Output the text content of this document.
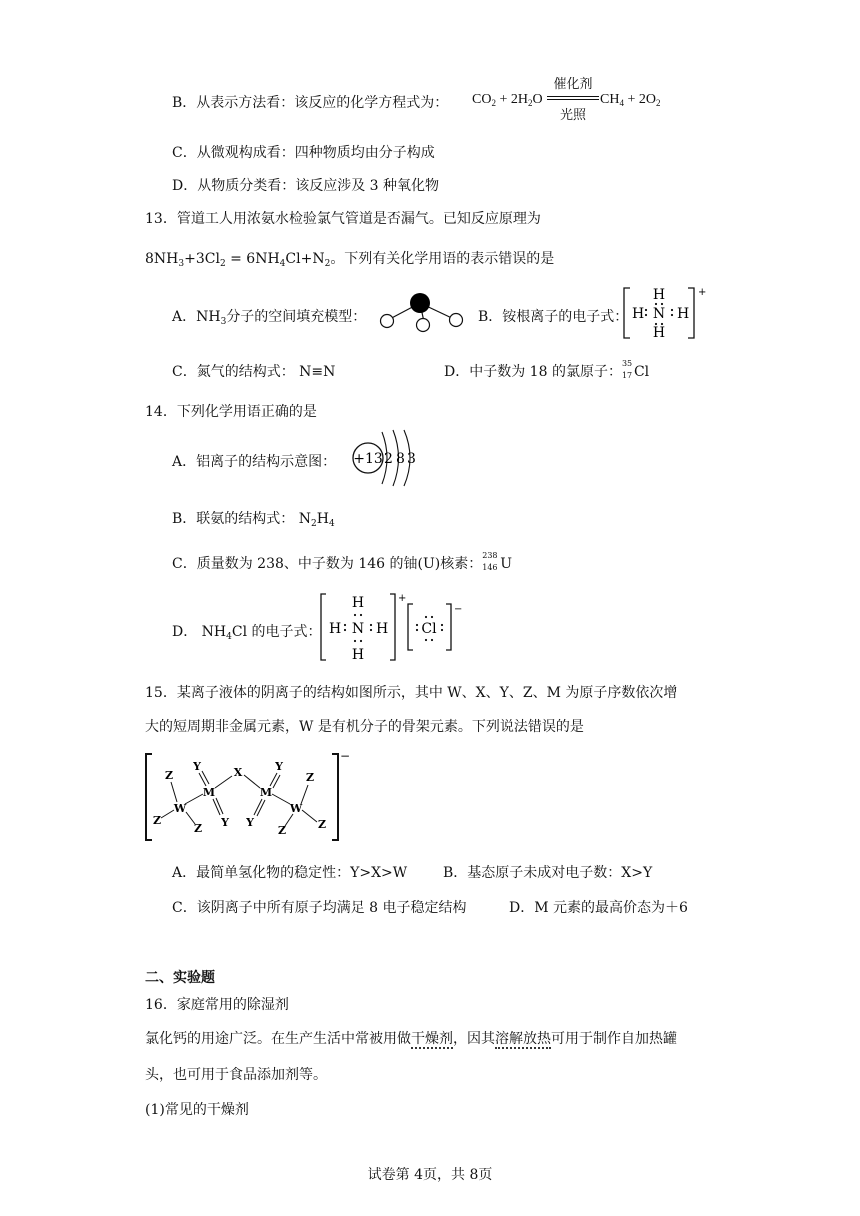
B．从表示方法看：该反应的化学方程式为： $CO_2 + 2H_2O$
催化剂
光照
$CH_4 + 2O_2$
C．从微观构成看：四种物质均由分子构成
D．从物质分类看：该反应涉及 3 种氧化物
13．管道工人用浓氨水检验氯气管道是否漏气。已知反应原理为
$8NH_3+3Cl_2 = 6NH_4Cl+N_2$。下列有关化学用语的表示错误的是
A．$NH_3$分子的空间填充模型：	B．铵根离子的电子式：
H
H N H
H
+
C．氮气的结构式： N≡N	D．中子数为 18 的氯原子：
35
17 Cl
14．下列化学用语正确的是
A．铝离子的结构示意图： +13 2 8 3
B．联氨的结构式： $N_2H_4$
C．质量数为 238、中子数为 146 的铀(U)核素：
238
146 U
D． $NH_4Cl$ 的电子式：
H
H N H
H
+
Cl
−
15．某离子液体的阴离子的结构如图所示，其中 W、X、Y、Z、M 为原子序数依次增
大的短周期非金属元素，W 是有机分子的骨架元素。下列说法错误的是
−
Z
Z
Z
W
M
Y
Y
X
M
Y
Y
W
Z
Z
Z
A．最简单氢化物的稳定性：Y>X>W	B．基态原子未成对电子数：X>Y
C．该阴离子中所有原子均满足 8 电子稳定结构	D．M 元素的最高价态为＋6
二、实验题
16．家庭常用的除湿剂
氯化钙的用途广泛。在生产生活中常被用做干燥剂，因其溶解放热可用于制作自加热罐
头，也可用于食品添加剂等。
(1)常见的干燥剂
试卷第 4页，共 8页
